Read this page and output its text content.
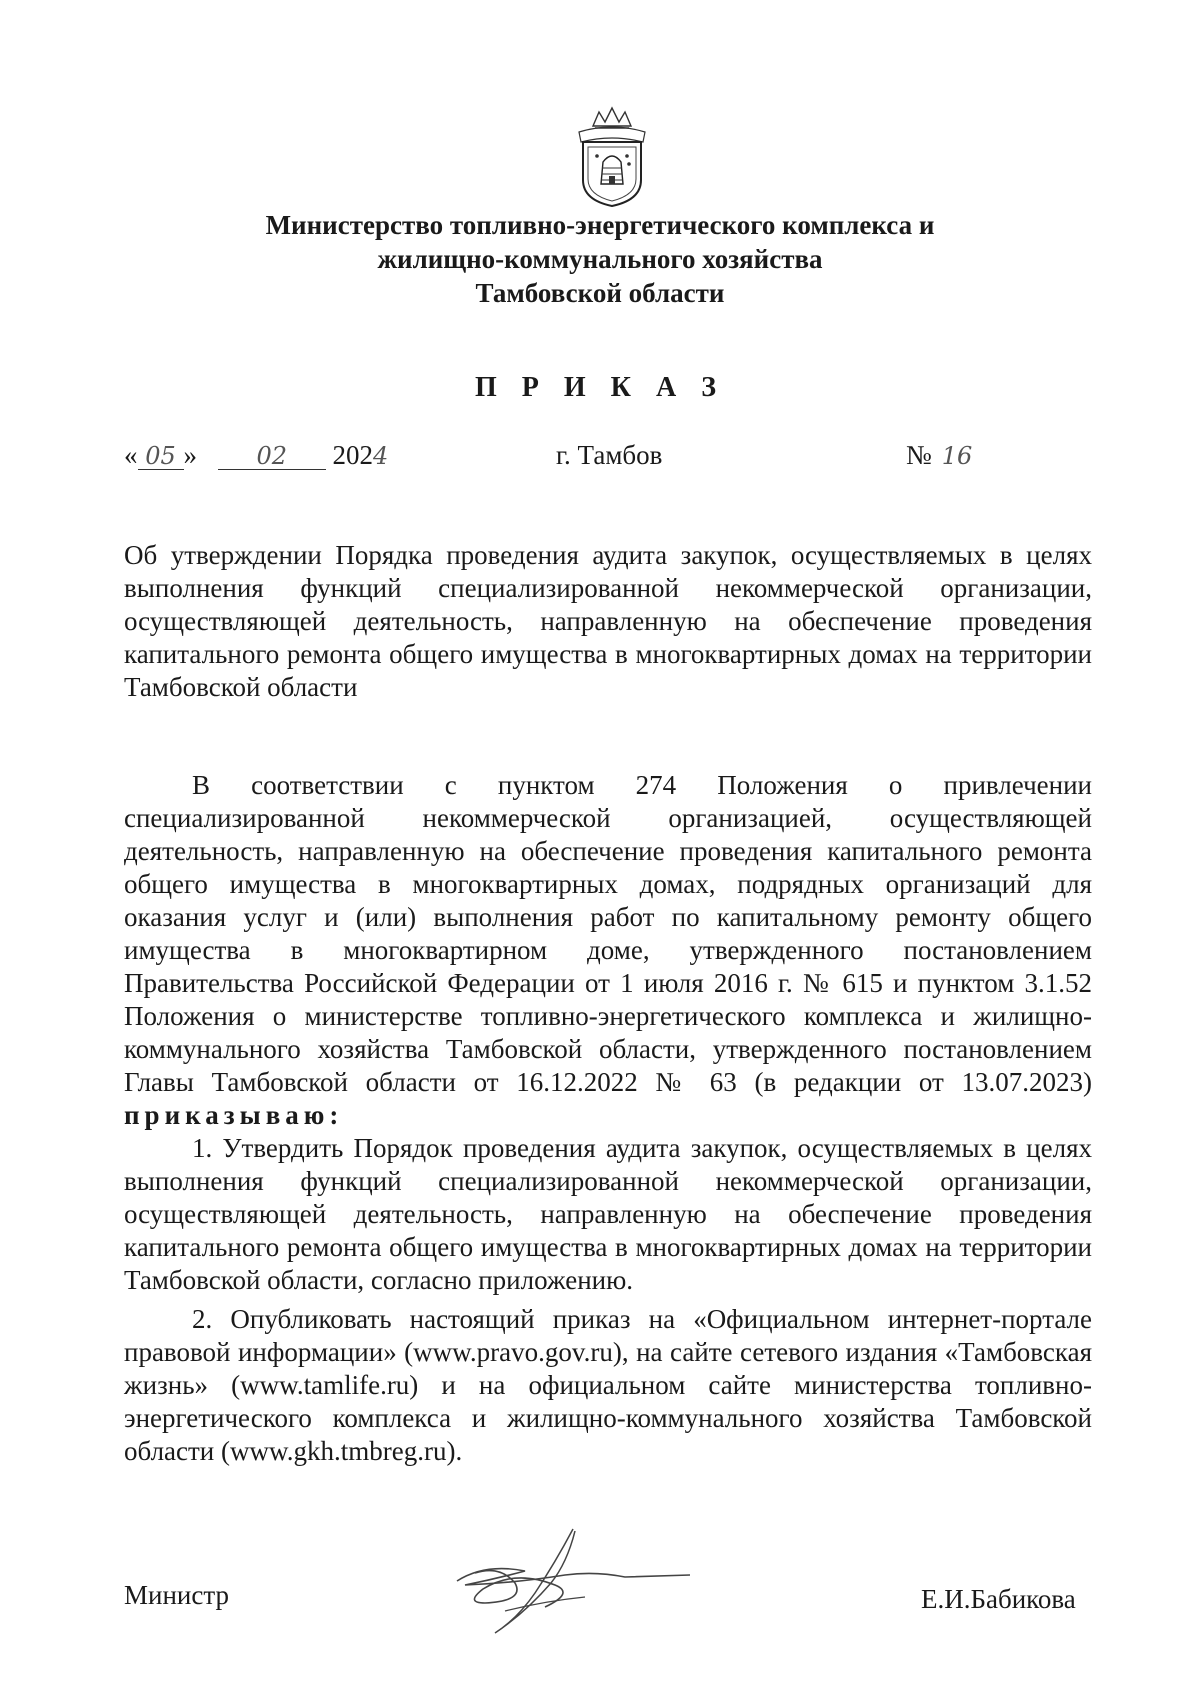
Министерство топливно-энергетического комплекса и
жилищно-коммунального хозяйства
Тамбовской области
П Р И К А З
« 05 » 02 2024	г. Тамбов	№ 16
Об утверждении Порядка проведения аудита закупок, осуществляемых в целях выполнения функций специализированной некоммерческой организации, осуществляющей деятельность, направленную на обеспечение проведения капитального ремонта общего имущества в многоквартирных домах на территории Тамбовской области

В соответствии с пунктом 274 Положения о привлечении специализированной некоммерческой организацией, осуществляющей деятельность, направленную на обеспечение проведения капитального ремонта общего имущества в многоквартирных домах, подрядных организаций для оказания услуг и (или) выполнения работ по капитальному ремонту общего имущества в многоквартирном доме, утвержденного постановлением Правительства Российской Федерации от 1 июля 2016 г. № 615 и пунктом 3.1.52 Положения о министерстве топливно-энергетического комплекса и жилищно-коммунального хозяйства Тамбовской области, утвержденного постановлением Главы Тамбовской области от 16.12.2022 № 63 (в редакции от 13.07.2023) приказываю:

1. Утвердить Порядок проведения аудита закупок, осуществляемых в целях выполнения функций специализированной некоммерческой организации, осуществляющей деятельность, направленную на обеспечение проведения капитального ремонта общего имущества в многоквартирных домах на территории Тамбовской области, согласно приложению.

2. Опубликовать настоящий приказ на «Официальном интернет-портале правовой информации» (www.pravo.gov.ru), на сайте сетевого издания «Тамбовская жизнь» (www.tamlife.ru) и на официальном сайте министерства топливно-энергетического комплекса и жилищно-коммунального хозяйства Тамбовской области (www.gkh.tmbreg.ru).

Министр	Е.И.Бабикова
